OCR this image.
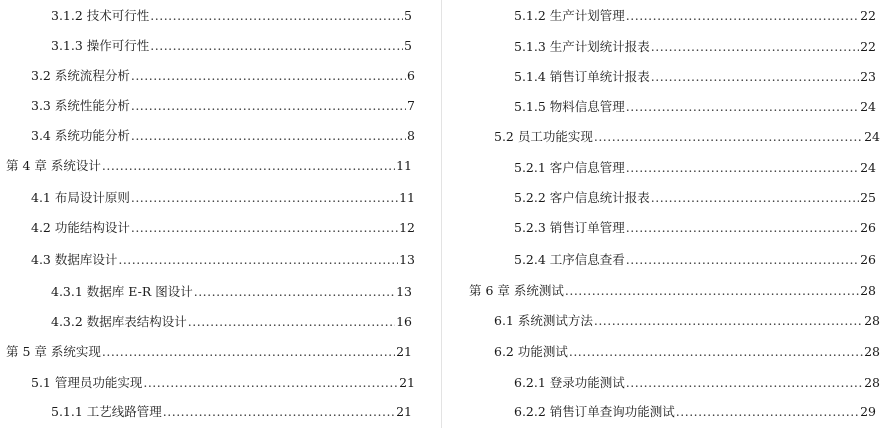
3.1.2 技术可行性 .....	5
3.1.3 操作可行性 .....	5
3.2 系统流程分析 .....	6
3.3 系统性能分析 .....	7
3.4 系统功能分析 .....	8
第 4 章 系统设计 .....	11
4.1 布局设计原则 .....	11
4.2 功能结构设计 .....	12
4.3 数据库设计 .....	13
4.3.1 数据库 E-R 图设计 .....	13
4.3.2 数据库表结构设计 .....	16
第 5 章 系统实现 .....	21
5.1 管理员功能实现 .....	21
5.1.1 工艺线路管理 .....	21
5.1.2 生产计划管理 .....	22
5.1.3 生产计划统计报表 .....	22
5.1.4 销售订单统计报表 .....	23
5.1.5 物料信息管理 .....	24
5.2 员工功能实现 .....	24
5.2.1 客户信息管理 .....	24
5.2.2 客户信息统计报表 .....	25
5.2.3 销售订单管理 .....	26
5.2.4 工序信息查看 .....	26
第 6 章 系统测试 .....	28
6.1 系统测试方法 .....	28
6.2 功能测试 .....	28
6.2.1 登录功能测试 .....	28
6.2.2 销售订单查询功能测试 .....	29
